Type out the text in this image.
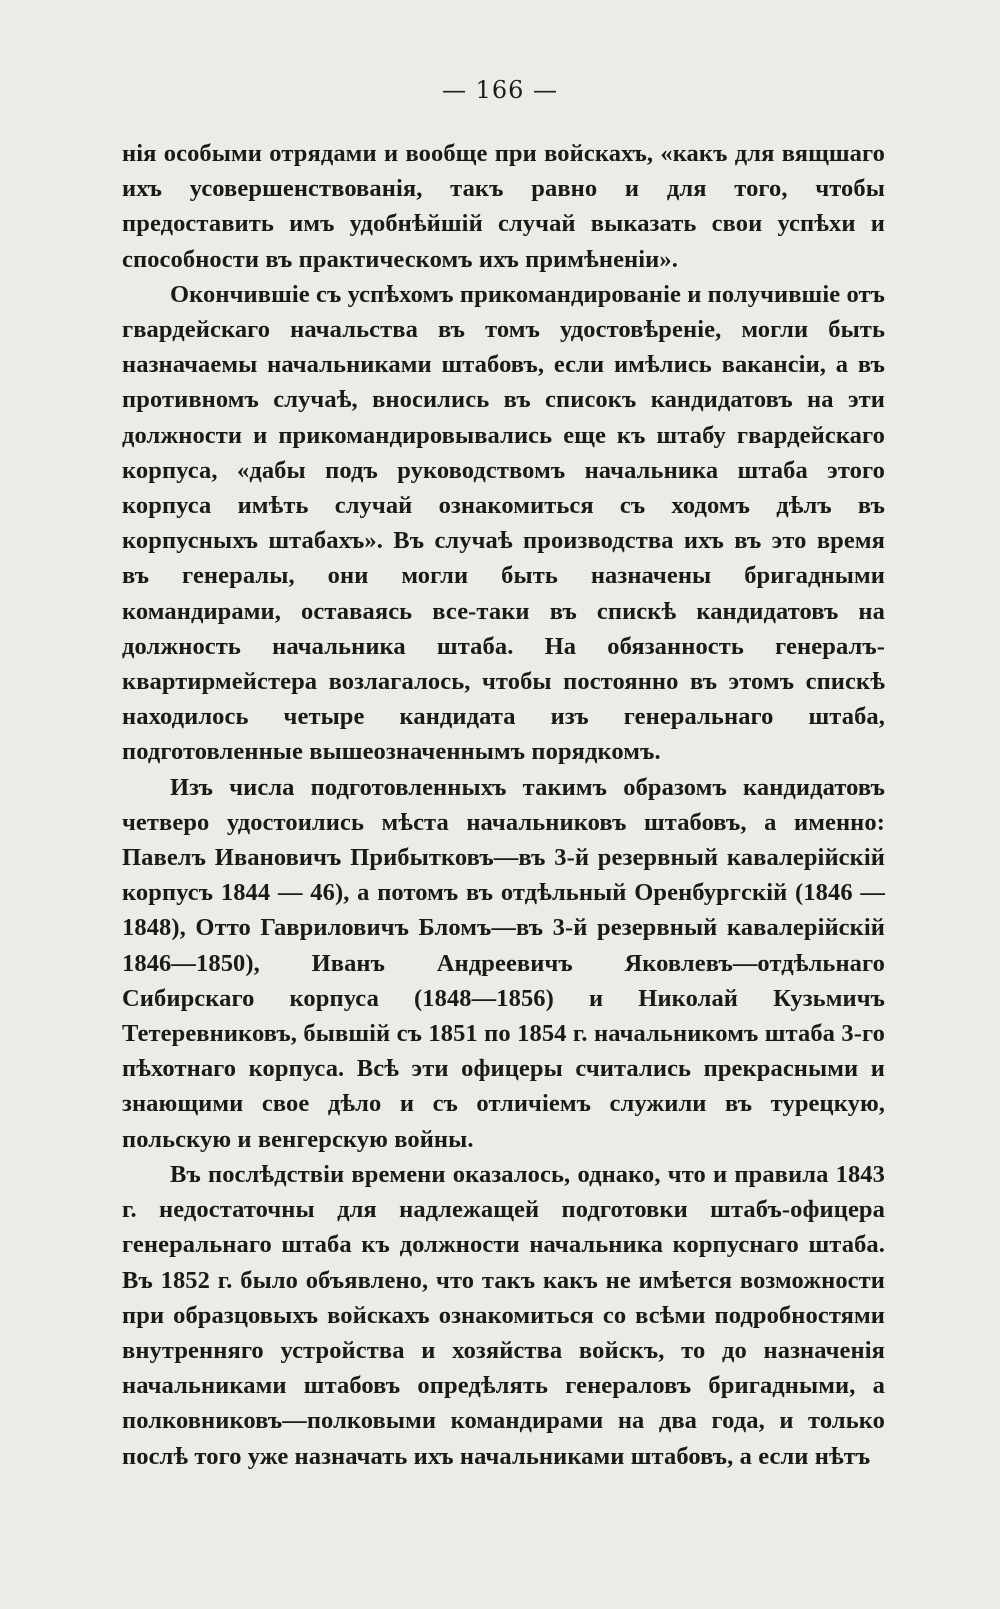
— 166 —

нія особыми отрядами и вообще при войскахъ, «какъ для вящшаго ихъ усовершенствованія, такъ равно и для того, чтобы предоставить имъ удобнѣйшій случай выказать свои успѣхи и способности въ практическомъ ихъ примѣненіи».

Окончившіе съ успѣхомъ прикомандированіе и получившіе отъ гвардейскаго начальства въ томъ удостовѣреніе, могли быть назначаемы начальниками штабовъ, если имѣлись вакансіи, а въ противномъ случаѣ, вносились въ списокъ кандидатовъ на эти должности и прикомандировывались еще къ штабу гвардейскаго корпуса, «дабы подъ руководствомъ начальника штаба этого корпуса имѣть случай ознакомиться съ ходомъ дѣлъ въ корпусныхъ штабахъ». Въ случаѣ производства ихъ въ это время въ генералы, они могли быть назначены бригадными командирами, оставаясь все-таки въ спискѣ кандидатовъ на должность начальника штаба. На обязанность генералъ-квартирмейстера возлагалось, чтобы постоянно въ этомъ спискѣ находилось четыре кандидата изъ генеральнаго штаба, подготовленные вышеозначеннымъ порядкомъ.

Изъ числа подготовленныхъ такимъ образомъ кандидатовъ четверо удостоились мѣста начальниковъ штабовъ, а именно: Павелъ Ивановичъ Прибытковъ—въ 3-й резервный кавалерійскій корпусъ 1844 — 46), а потомъ въ отдѣльный Оренбургскій (1846 — 1848), Отто Гавриловичъ Бломъ—въ 3-й резервный кавалерійскій 1846—1850), Иванъ Андреевичъ Яковлевъ—отдѣльнаго Сибирскаго корпуса (1848—1856) и Николай Кузьмичъ Тетеревниковъ, бывшій съ 1851 по 1854 г. начальникомъ штаба 3-го пѣхотнаго корпуса. Всѣ эти офицеры считались прекрасными и знающими свое дѣло и съ отличіемъ служили въ турецкую, польскую и венгерскую войны.

Въ послѣдствіи времени оказалось, однако, что и правила 1843 г. недостаточны для надлежащей подготовки штабъ-офицера генеральнаго штаба къ должности начальника корпуснаго штаба. Въ 1852 г. было объявлено, что такъ какъ не имѣется возможности при образцовыхъ войскахъ ознакомиться со всѣми подробностями внутренняго устройства и хозяйства войскъ, то до назначенія начальниками штабовъ опредѣлять генераловъ бригадными, а полковниковъ—полковыми командирами на два года, и только послѣ того уже назначать ихъ начальниками штабовъ, а если нѣтъ
